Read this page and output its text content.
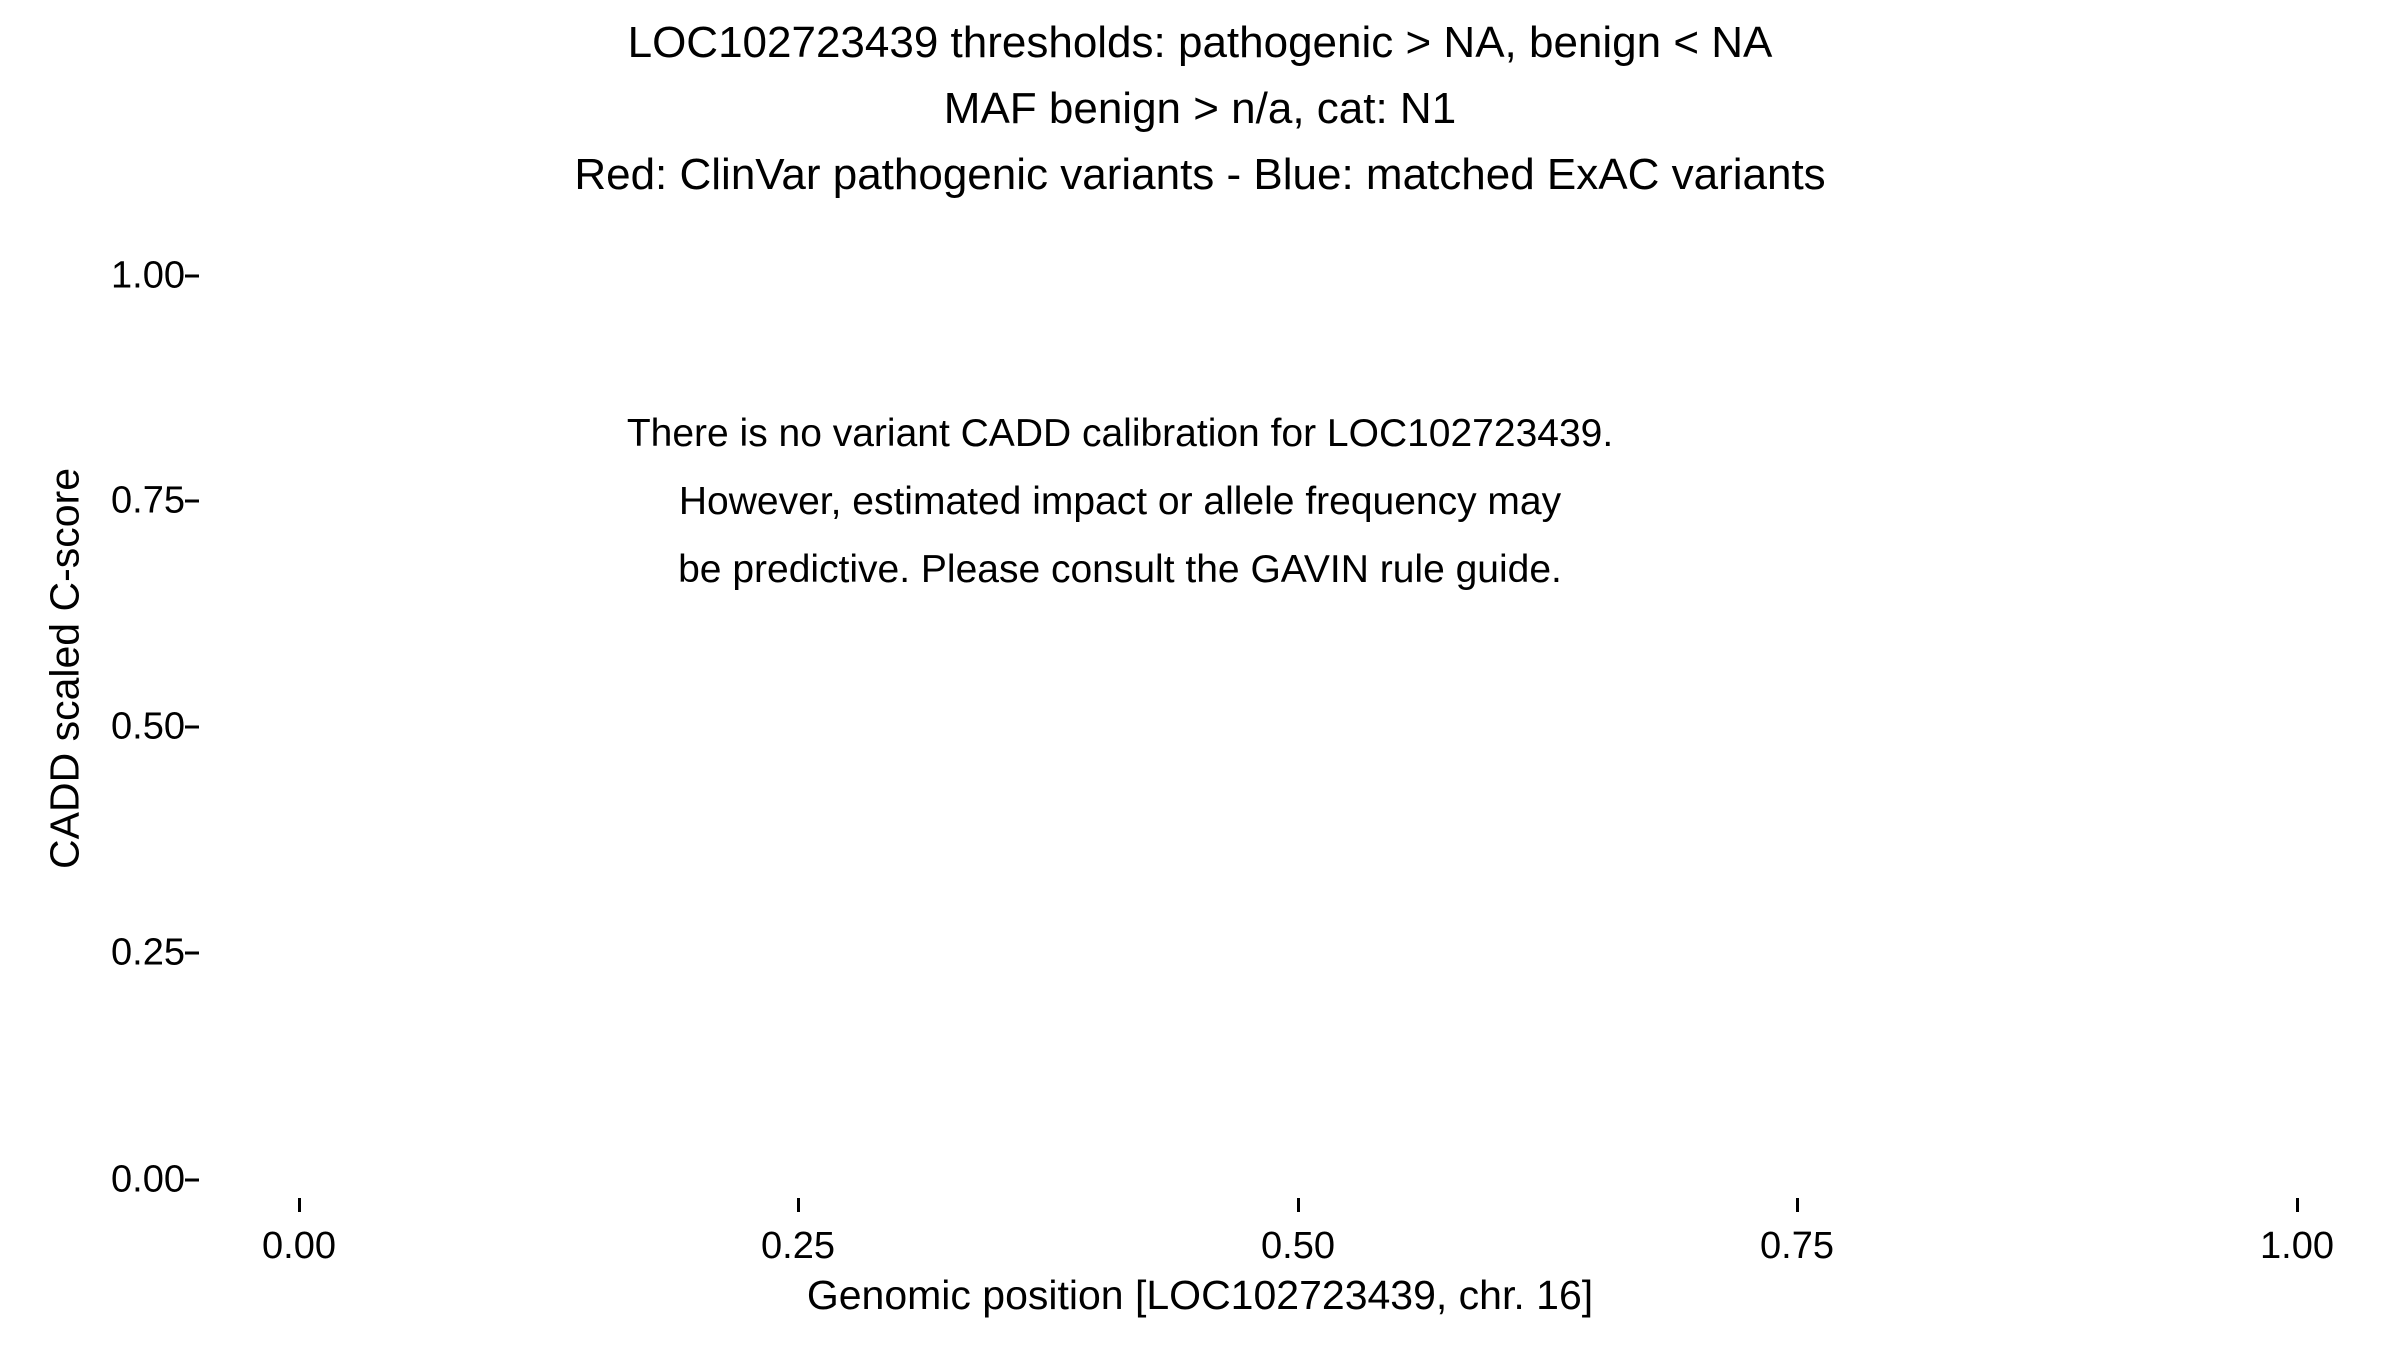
LOC102723439 thresholds: pathogenic > NA, benign < NA
MAF benign > n/a, cat: N1
Red: ClinVar pathogenic variants - Blue: matched ExAC variants
CADD scaled C-score
1.00
0.75
0.50
0.25
0.00
0.00	0.25	0.50	0.75	1.00
Genomic position [LOC102723439, chr. 16]
There is no variant CADD calibration for LOC102723439.
However, estimated impact or allele frequency may
be predictive. Please consult the GAVIN rule guide.
